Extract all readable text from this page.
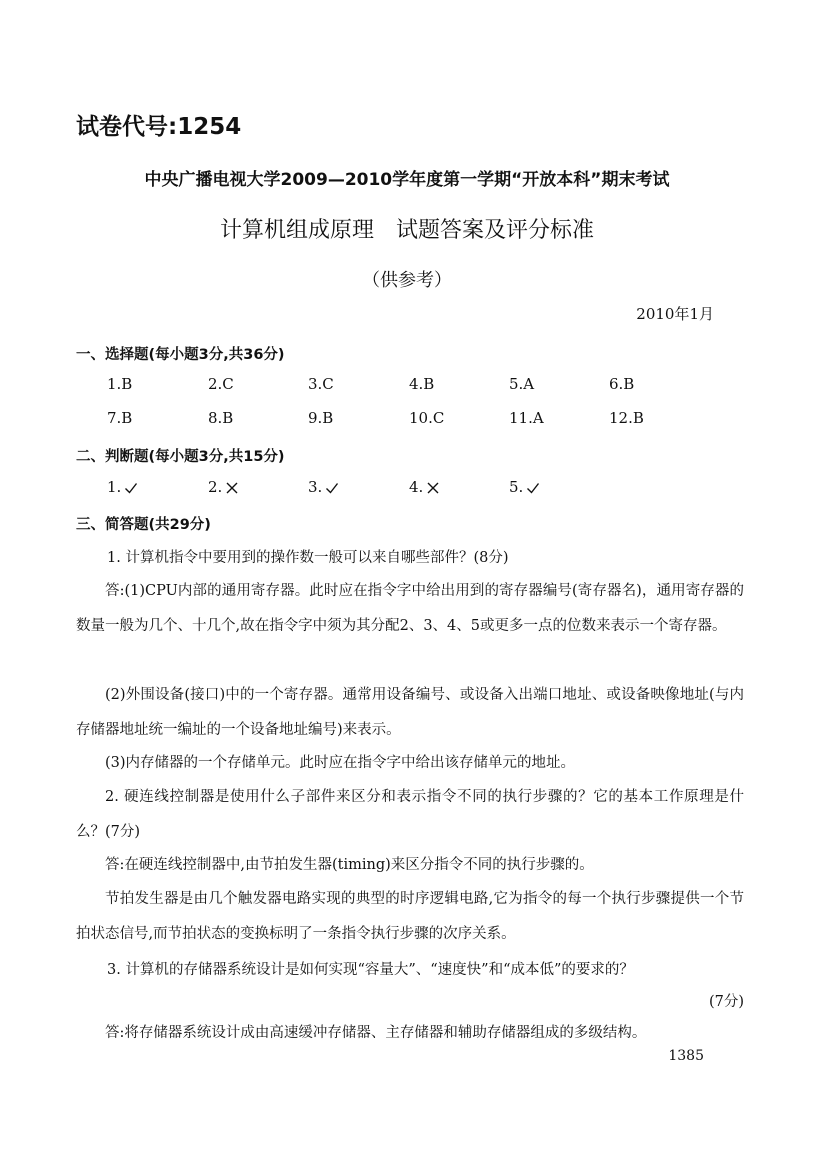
试卷代号:1254
中央广播电视大学2009—2010学年度第一学期“开放本科”期末考试
计算机组成原理　试题答案及评分标准
（供参考）
2010年1月
一、选择题(每小题3分,共36分)
1.B	2.C	3.C	4.B	5.A	6.B
7.B	8.B	9.B	10.C	11.A	12.B
二、判断题(每小题3分,共15分)
1.	2.	3.	4.	5.
三、简答题(共29分)
1. 计算机指令中要用到的操作数一般可以来自哪些部件？(8分)
答:(1)CPU内部的通用寄存器。此时应在指令字中给出用到的寄存器编号(寄存器名)，通用寄存器的数量一般为几个、十几个,故在指令字中须为其分配2、3、4、5或更多一点的位数来表示一个寄存器。
(2)外围设备(接口)中的一个寄存器。通常用设备编号、或设备入出端口地址、或设备映像地址(与内存储器地址统一编址的一个设备地址编号)来表示。
(3)内存储器的一个存储单元。此时应在指令字中给出该存储单元的地址。
2. 硬连线控制器是使用什么子部件来区分和表示指令不同的执行步骤的？它的基本工作原理是什么？(7分)
答:在硬连线控制器中,由节拍发生器(timing)来区分指令不同的执行步骤的。
节拍发生器是由几个触发器电路实现的典型的时序逻辑电路,它为指令的每一个执行步骤提供一个节拍状态信号,而节拍状态的变换标明了一条指令执行步骤的次序关系。
3. 计算机的存储器系统设计是如何实现“容量大”、“速度快”和“成本低”的要求的？
(7分)
答:将存储器系统设计成由高速缓冲存储器、主存储器和辅助存储器组成的多级结构。
1385
